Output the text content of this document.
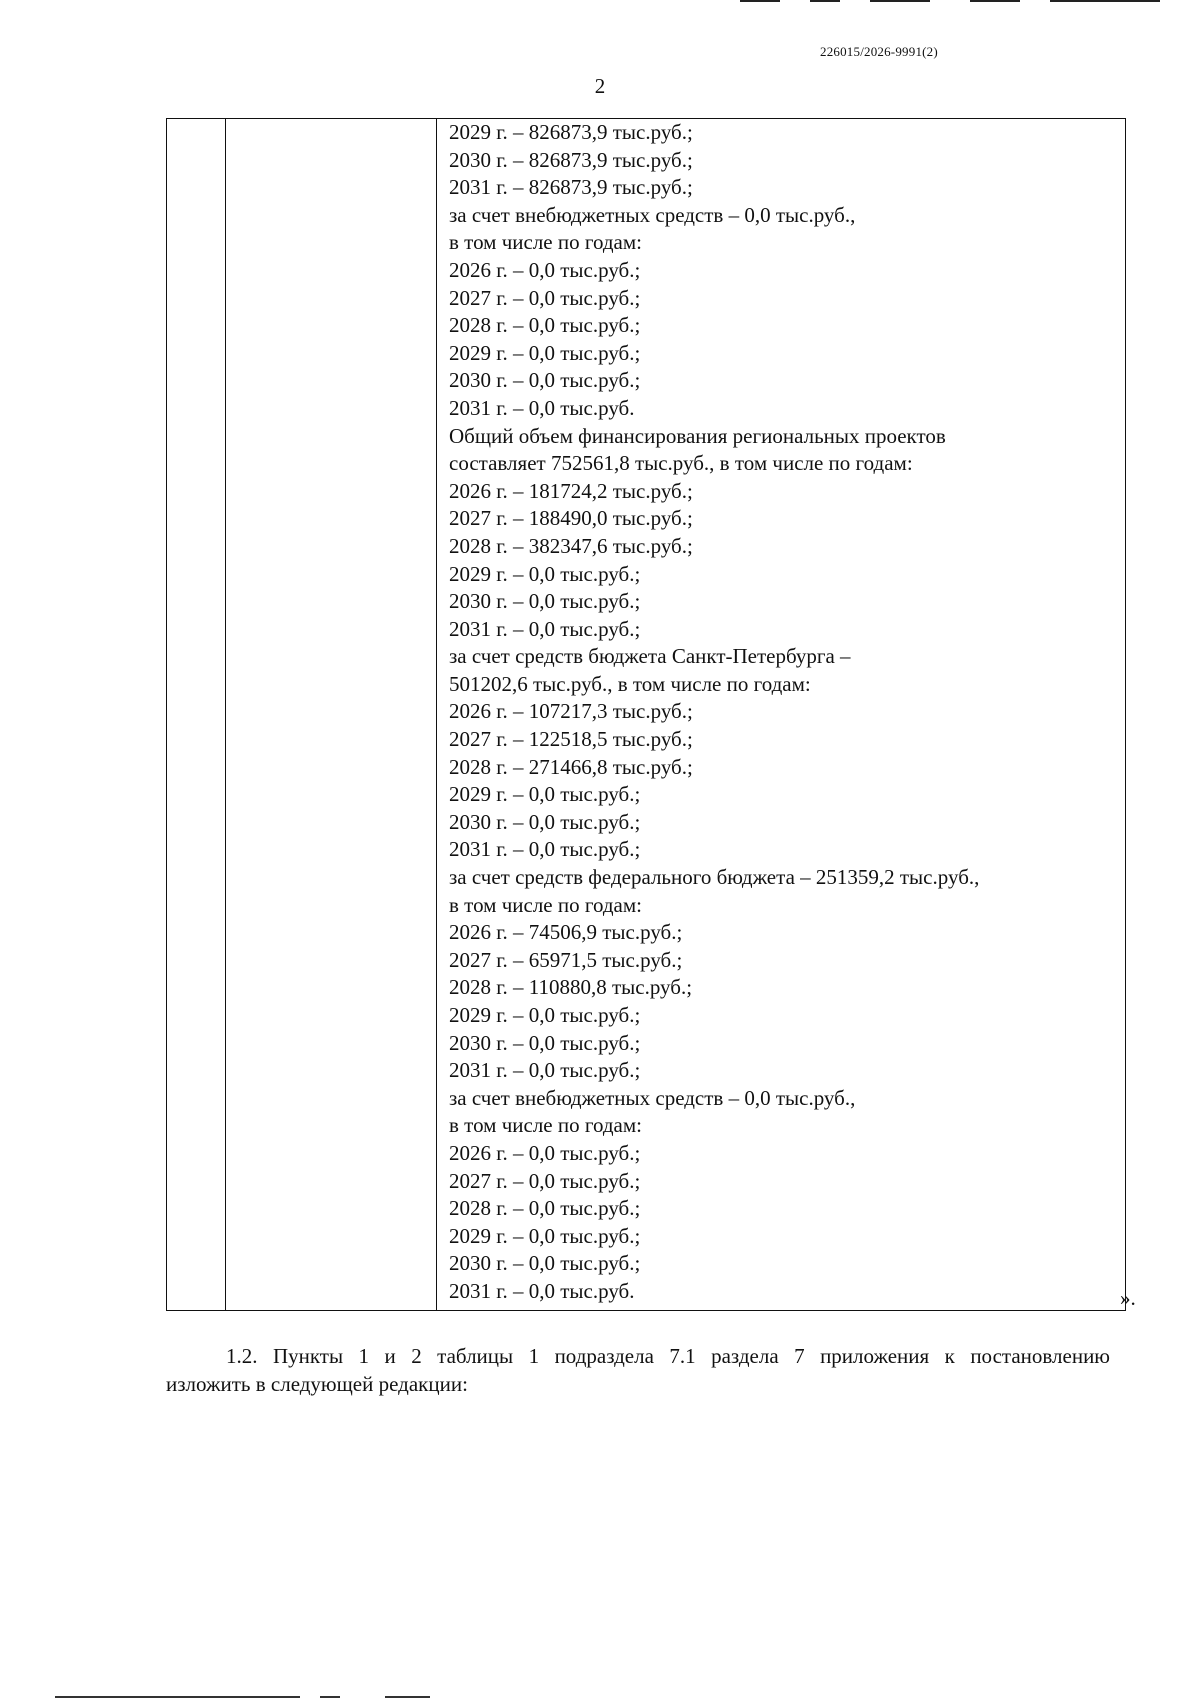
226015/2026-9991(2)
2

2029 г. – 826873,9 тыс.руб.;
2030 г. – 826873,9 тыс.руб.;
2031 г. – 826873,9 тыс.руб.;
за счет внебюджетных средств – 0,0 тыс.руб.,
в том числе по годам:
2026 г. – 0,0 тыс.руб.;
2027 г. – 0,0 тыс.руб.;
2028 г. – 0,0 тыс.руб.;
2029 г. – 0,0 тыс.руб.;
2030 г. – 0,0 тыс.руб.;
2031 г. – 0,0 тыс.руб.
Общий объем финансирования региональных проектов
составляет 752561,8 тыс.руб., в том числе по годам:
2026 г. – 181724,2 тыс.руб.;
2027 г. – 188490,0 тыс.руб.;
2028 г. – 382347,6 тыс.руб.;
2029 г. – 0,0 тыс.руб.;
2030 г. – 0,0 тыс.руб.;
2031 г. – 0,0 тыс.руб.;
за счет средств бюджета Санкт-Петербурга –
501202,6 тыс.руб., в том числе по годам:
2026 г. – 107217,3 тыс.руб.;
2027 г. – 122518,5 тыс.руб.;
2028 г. – 271466,8 тыс.руб.;
2029 г. – 0,0 тыс.руб.;
2030 г. – 0,0 тыс.руб.;
2031 г. – 0,0 тыс.руб.;
за счет средств федерального бюджета – 251359,2 тыс.руб.,
в том числе по годам:
2026 г. – 74506,9 тыс.руб.;
2027 г. – 65971,5 тыс.руб.;
2028 г. – 110880,8 тыс.руб.;
2029 г. – 0,0 тыс.руб.;
2030 г. – 0,0 тыс.руб.;
2031 г. – 0,0 тыс.руб.;
за счет внебюджетных средств – 0,0 тыс.руб.,
в том числе по годам:
2026 г. – 0,0 тыс.руб.;
2027 г. – 0,0 тыс.руб.;
2028 г. – 0,0 тыс.руб.;
2029 г. – 0,0 тыс.руб.;
2030 г. – 0,0 тыс.руб.;
2031 г. – 0,0 тыс.руб.	».
1.2. Пункты 1 и 2 таблицы 1 подраздела 7.1 раздела 7 приложения к постановлению
изложить в следующей редакции:
